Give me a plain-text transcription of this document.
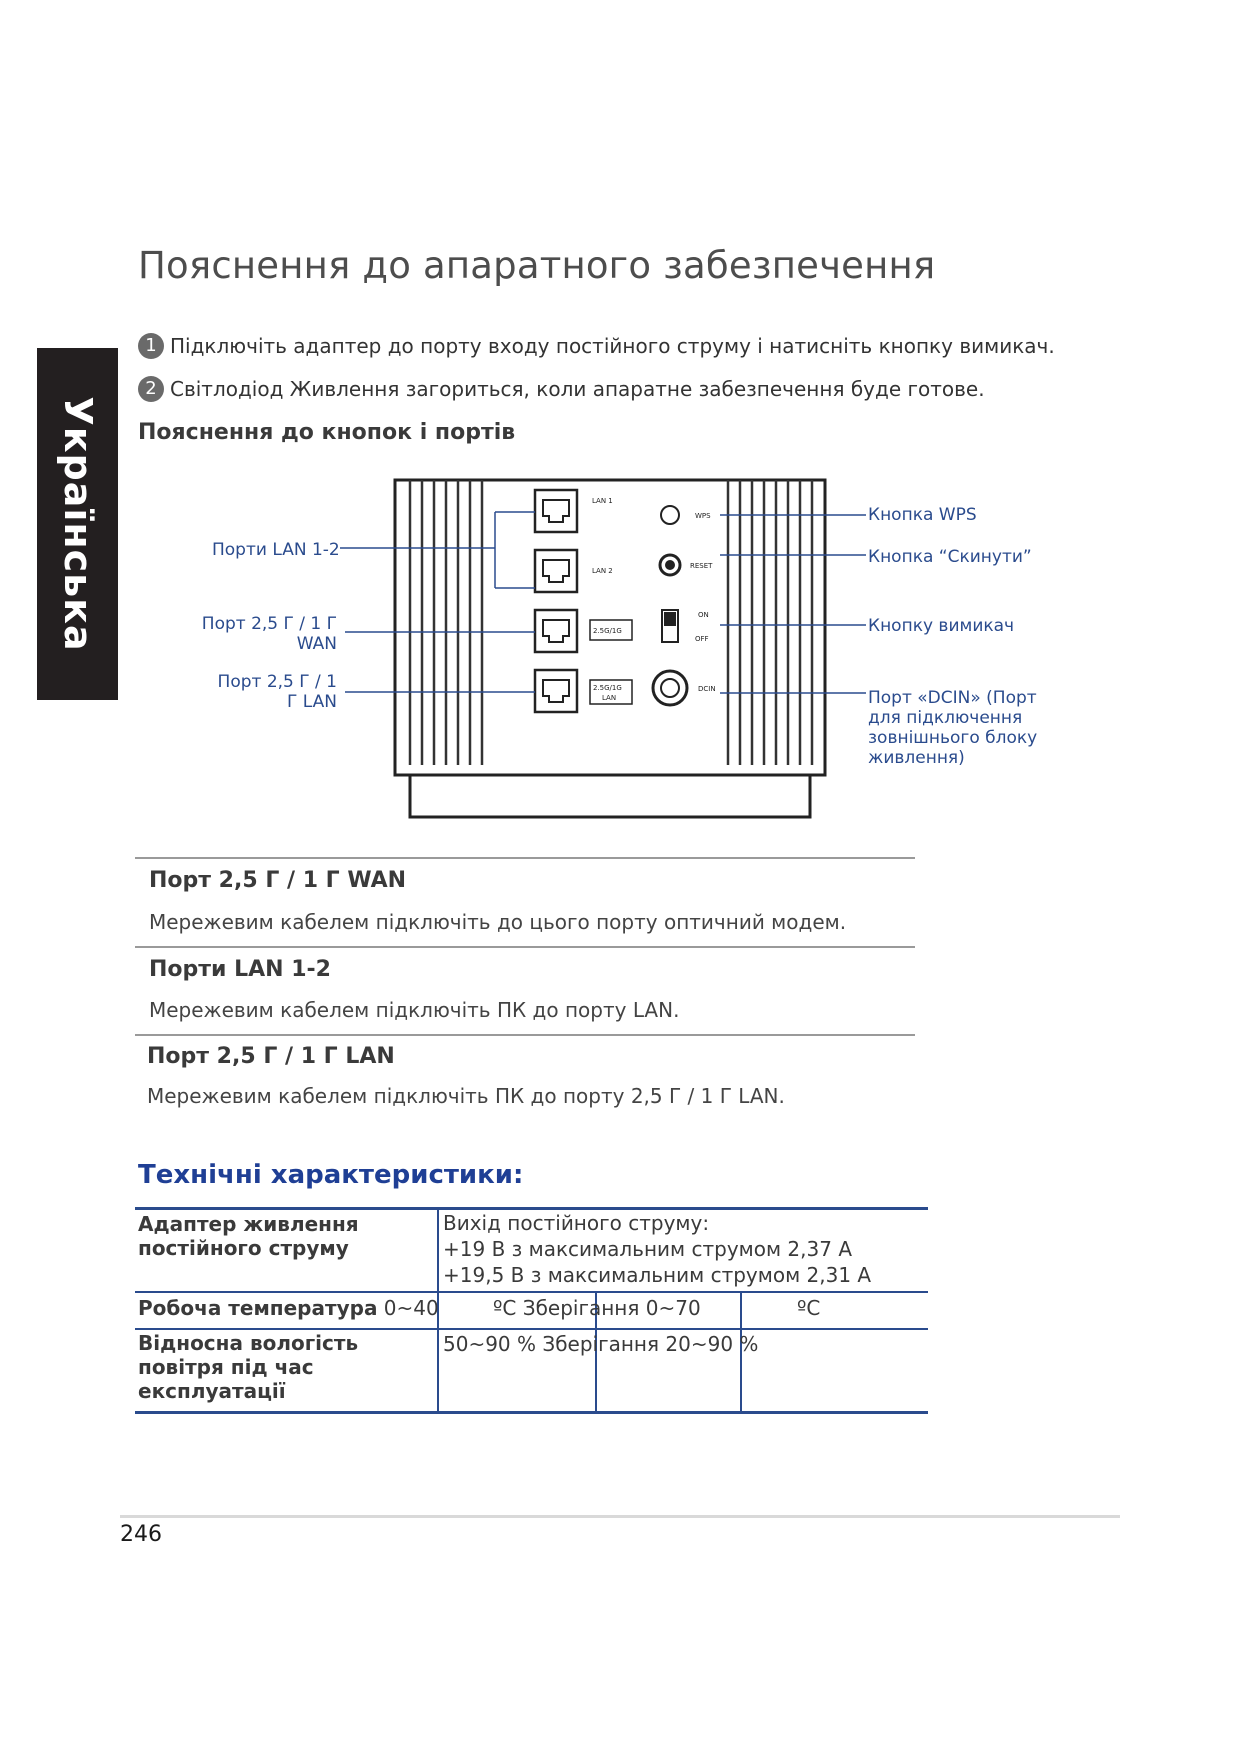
Українська
Пояснення до апаратного забезпечення
1 Підключіть адаптер до порту входу постійного струму і натисніть кнопку вимикач.
2 Світлодіод Живлення загориться, коли апаратне забезпечення буде готове.
Пояснення до кнопок і портів
LAN 1
LAN 2
2.5G/1G
2.5G/1G
LAN
WPS
RESET
ON
OFF
DCIN
Порти LAN 1-2
Порт 2,5 Г / 1 Г
WAN
Порт 2,5 Г / 1
Г LAN
Кнопка WPS
Кнопка “Скинути”
Кнопку вимикач
Порт «DCIN» (Порт
для підключення
зовнішнього блоку
живлення)
Порт 2,5 Г / 1 Г WAN
Мережевим кабелем підключіть до цього порту оптичний модем.
Порти LAN 1-2
Мережевим кабелем підключіть ПК до порту LAN.
Порт 2,5 Г / 1 Г LAN
Мережевим кабелем підключіть ПК до порту 2,5 Г / 1 Г LAN.
Технічні характеристики:
Адаптер живлення
постійного струму
Вихід постійного струму:
+19 В з максимальним струмом 2,37 А
+19,5 В з максимальним струмом 2,31 А
Робоча температура 0~40	ºC Зберігання 0~70	ºC
Відносна вологість
повітря під час
експлуатації
50~90 % Зберігання 20~90 %
246
